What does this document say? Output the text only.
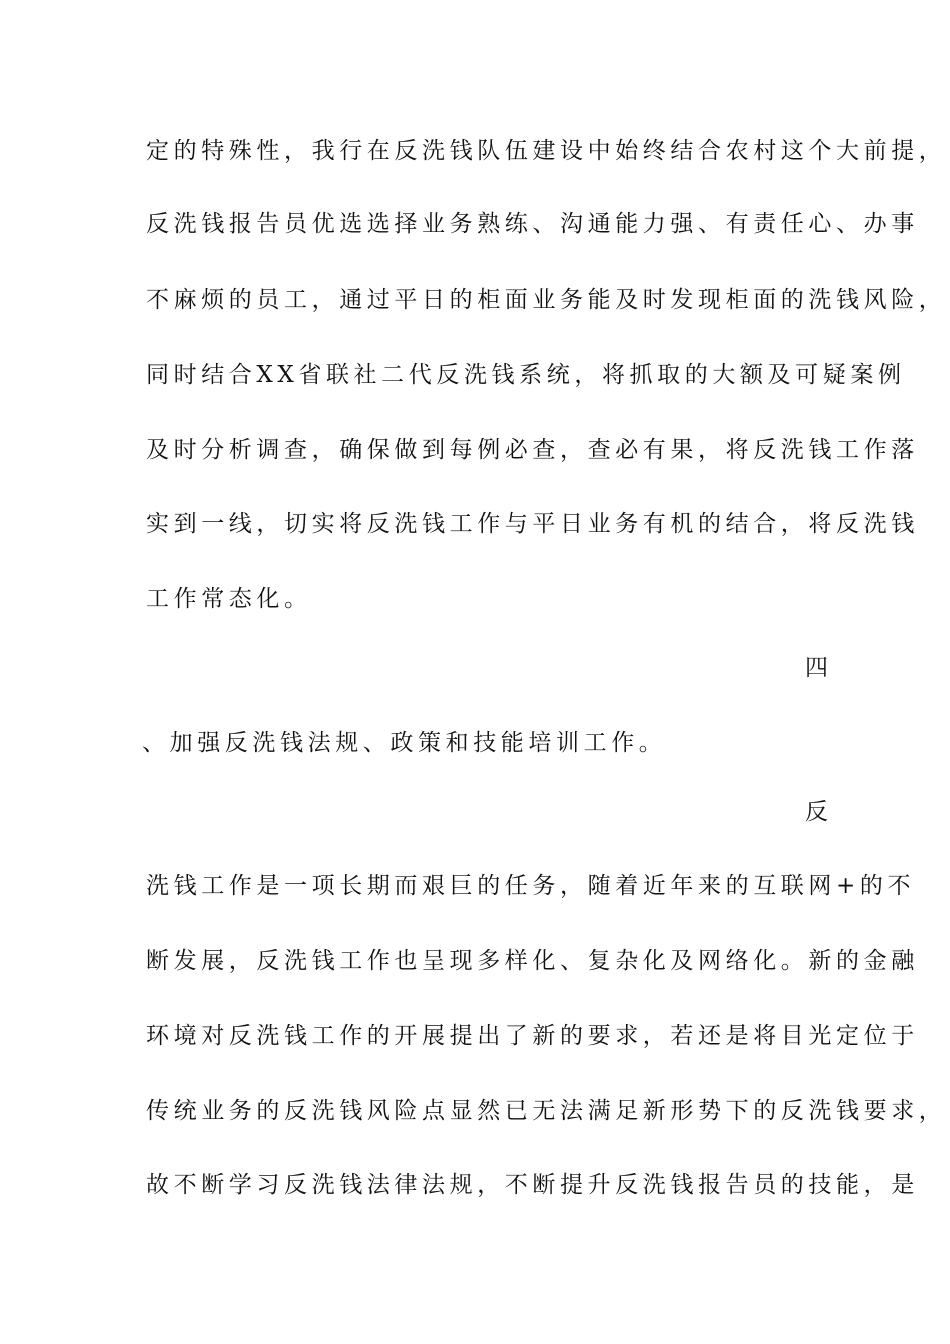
定的特殊性，我行在反洗钱队伍建设中始终结合农村这个大前提，
反洗钱报告员优选选择业务熟练、沟通能力强、有责任心、办事
不麻烦的员工，通过平日的柜面业务能及时发现柜面的洗钱风险，
同时结合XX省联社二代反洗钱系统，将抓取的大额及可疑案例
及时分析调查，确保做到每例必查，查必有果，将反洗钱工作落
实到一线，切实将反洗钱工作与平日业务有机的结合，将反洗钱
工作常态化。
四
、加强反洗钱法规、政策和技能培训工作。
反
洗钱工作是一项长期而艰巨的任务，随着近年来的互联网+的不
断发展，反洗钱工作也呈现多样化、复杂化及网络化。新的金融
环境对反洗钱工作的开展提出了新的要求，若还是将目光定位于
传统业务的反洗钱风险点显然已无法满足新形势下的反洗钱要求，
故不断学习反洗钱法律法规，不断提升反洗钱报告员的技能，是
